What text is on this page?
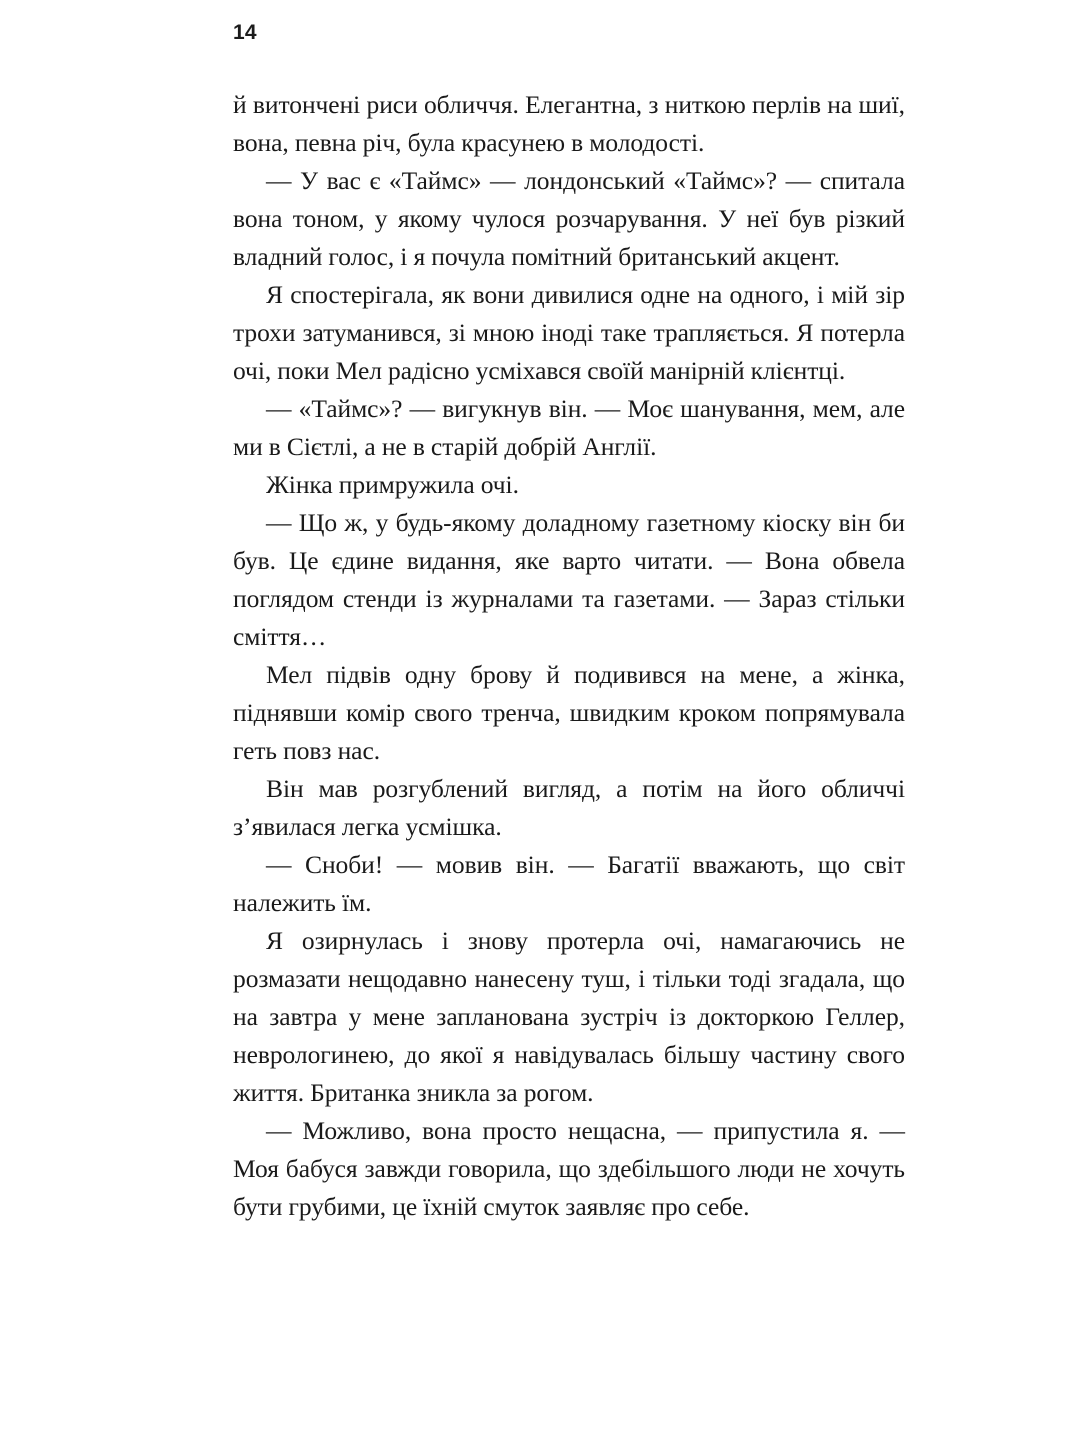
14

й витончені риси обличчя. Елегантна, з ниткою перлів на шиї, вона, певна річ, була красунею в молодості.

— У вас є «Таймс» — лондонський «Таймс»? — спитала вона тоном, у якому чулося розчарування. У неї був різкий владний голос, і я почула помітний британський акцент.

Я спостерігала, як вони дивилися одне на одного, і мій зір трохи затуманився, зі мною іноді таке трапляється. Я потерла очі, поки Мел радісно усміхався своїй манірній клієнтці.

— «Таймс»? — вигукнув він. — Моє шанування, мем, але ми в Сієтлі, а не в старій добрій Англії.

Жінка примружила очі.

— Що ж, у будь-якому доладному газетному кіоску він би був. Це єдине видання, яке варто читати. — Вона обвела поглядом стенди із журналами та газетами. — Зараз стільки сміття…

Мел підвів одну брову й подивився на мене, а жінка, піднявши комір свого тренча, швидким кроком попрямувала геть повз нас.

Він мав розгублений вигляд, а потім на його обличчі з’явилася легка усмішка.

— Сноби! — мовив він. — Багатії вважають, що світ належить їм.

Я озирнулась і знову протерла очі, намагаючись не розмазати нещодавно нанесену туш, і тільки тоді згадала, що на завтра у мене запланована зустріч із докторкою Геллер, неврологинею, до якої я навідувалась більшу частину свого життя. Британка зникла за рогом.

— Можливо, вона просто нещасна, — припустила я. — Моя бабуся завжди говорила, що здебільшого люди не хочуть бути грубими, це їхній смуток заявляє про себе.
